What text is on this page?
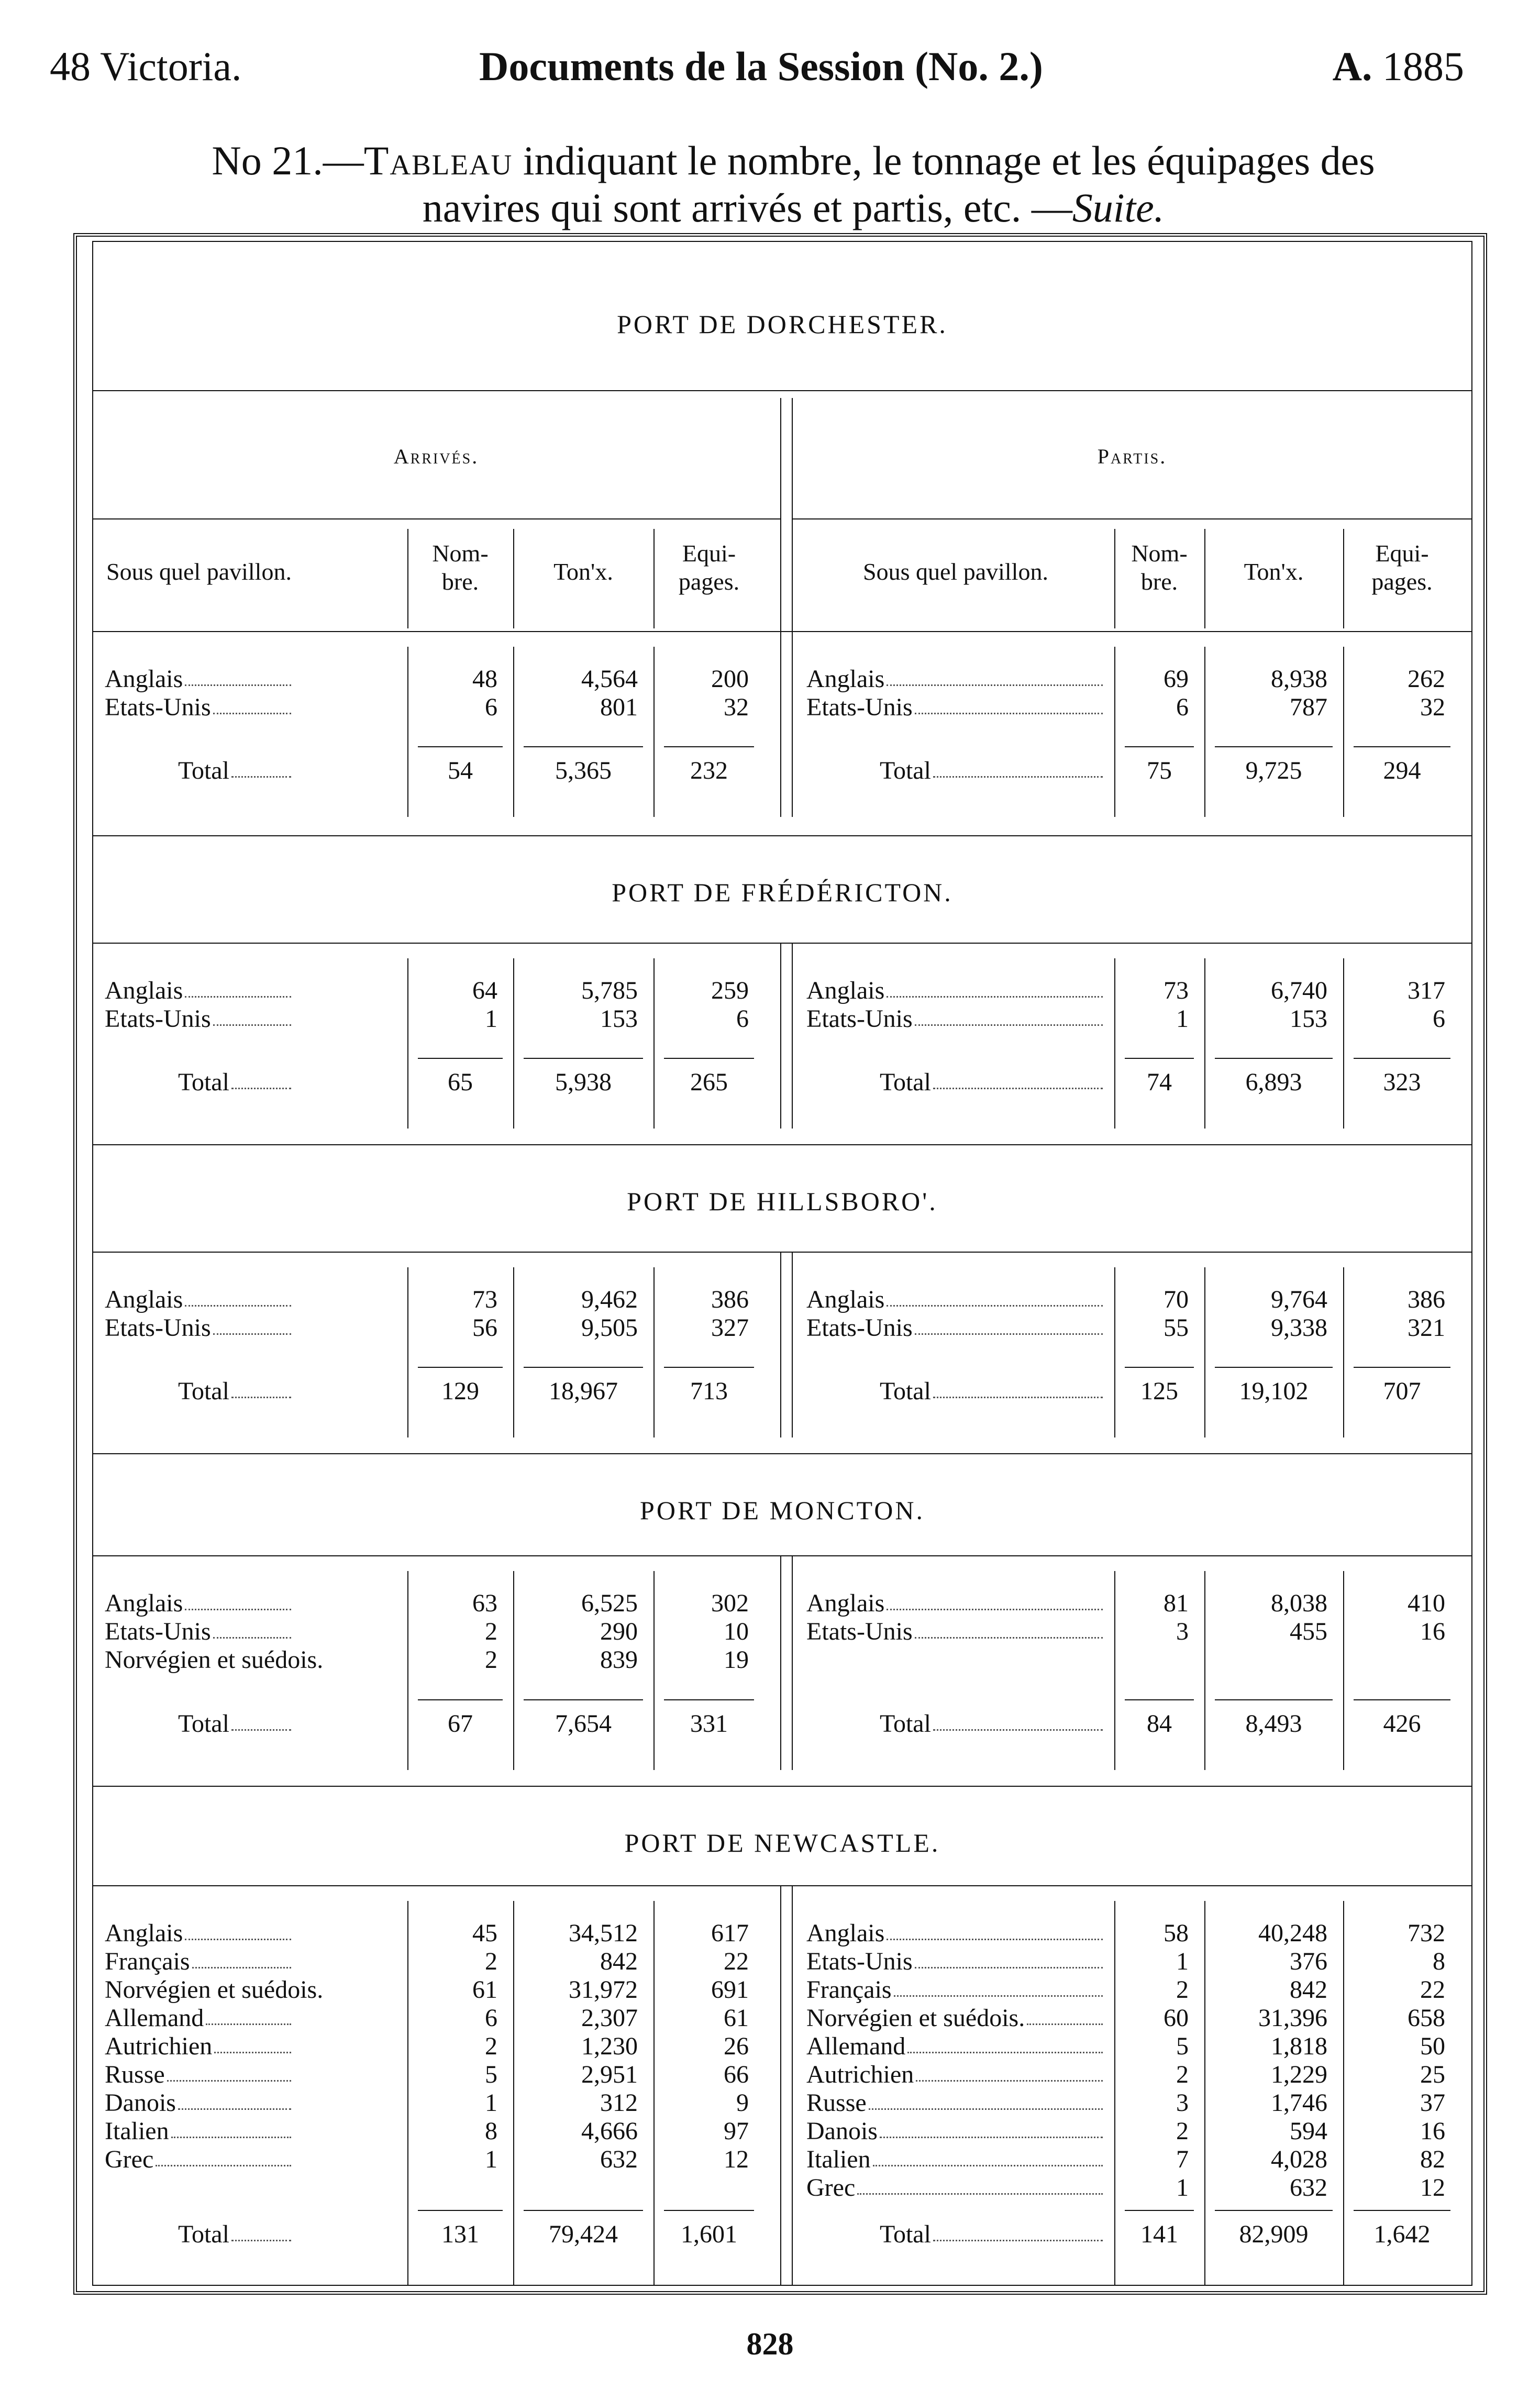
48 Victoria.	Documents de la Session (No. 2.)	A. 1885
No 21.—Tableau indiquant le nombre, le tonnage et les équipages des
navires qui sont arrivés et partis, etc. —Suite.
Arrivés.	Partis.
Sous quel pavillon.
Nom-
bre.	Ton'x.
Equi-
pages.	Sous quel pavillon.
Nom-
bre.	Ton'x.
Equi-
pages.
PORT DE DORCHESTER.
Anglais	48	4,564	200
Etats-Unis	6	801	32
Total	54	5,365	232
Anglais	69	8,938	262
Etats-Unis	6	787	32
Total	75	9,725	294
PORT DE FRÉDÉRICTON.
Anglais	64	5,785	259
Etats-Unis	1	153	6
Total	65	5,938	265
Anglais	73	6,740	317
Etats-Unis	1	153	6
Total	74	6,893	323
PORT DE HILLSBORO'.
Anglais	73	9,462	386
Etats-Unis	56	9,505	327
Total	129	18,967	713
Anglais	70	9,764	386
Etats-Unis	55	9,338	321
Total	125	19,102	707
PORT DE MONCTON.
Anglais	63	6,525	302
Etats-Unis	2	290	10
Norvégien et suédois.	2	839	19
Total	67	7,654	331
Anglais	81	8,038	410
Etats-Unis	3	455	16
Total	84	8,493	426
PORT DE NEWCASTLE.
Anglais	45	34,512	617
Français	2	842	22
Norvégien et suédois.	61	31,972	691
Allemand	6	2,307	61
Autrichien	2	1,230	26
Russe	5	2,951	66
Danois	1	312	9
Italien	8	4,666	97
Grec	1	632	12
Total	131	79,424	1,601
Anglais	58	40,248	732
Etats-Unis	1	376	8
Français	2	842	22
Norvégien et suédois.	60	31,396	658
Allemand	5	1,818	50
Autrichien	2	1,229	25
Russe	3	1,746	37
Danois	2	594	16
Italien	7	4,028	82
Grec	1	632	12
Total	141	82,909	1,642
828
